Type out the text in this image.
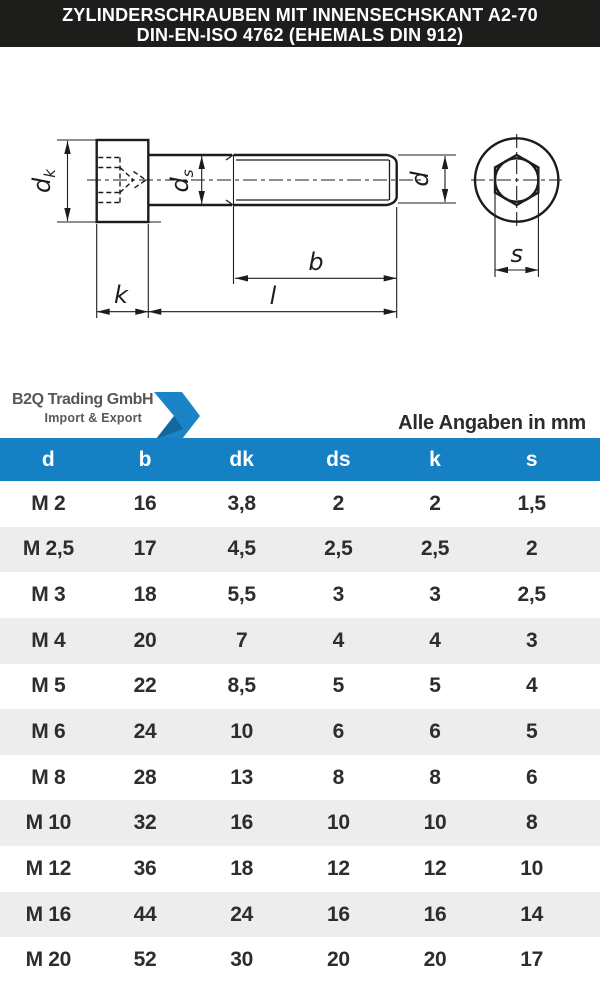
ZYLINDERSCHRAUBEN MIT INNENSECHSKANT A2-70
DIN-EN-ISO 4762 (EHEMALS DIN 912)
$d_k$
$d_s$	d
b
k	l
s
B2Q Trading GmbH
Import & Export	Alle Angaben in mm
d	b	dk	ds	k	s
M 2	16	3,8	2	2	1,5
M 2,5	17	4,5	2,5	2,5	2
M 3	18	5,5	3	3	2,5
M 4	20	7	4	4	3
M 5	22	8,5	5	5	4
M 6	24	10	6	6	5
M 8	28	13	8	8	6
M 10	32	16	10	10	8
M 12	36	18	12	12	10
M 16	44	24	16	16	14
M 20	52	30	20	20	17
